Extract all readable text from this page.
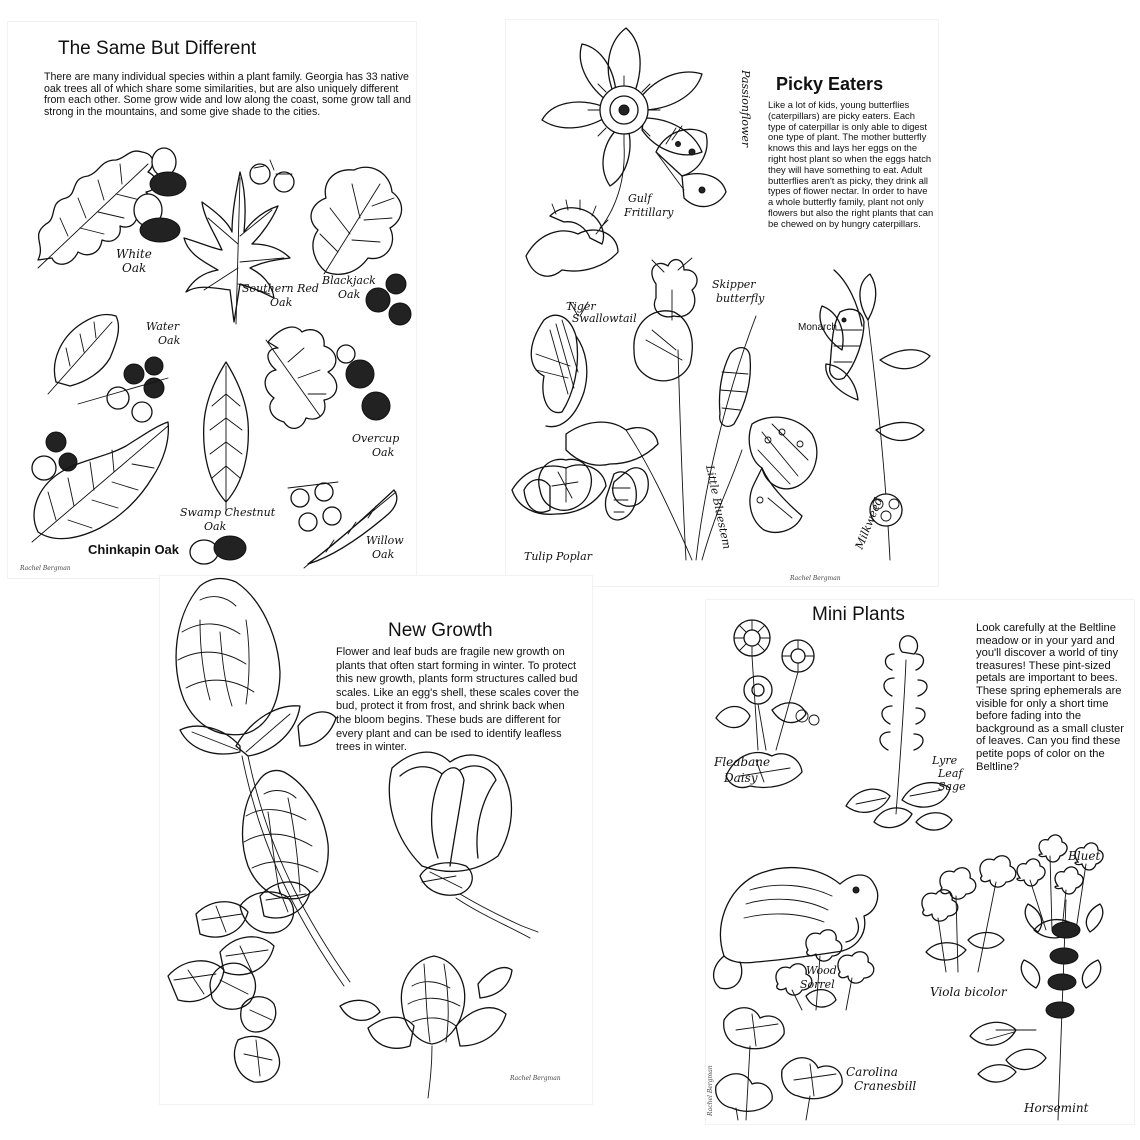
The Same But Different
There are many individual species within a plant family. Georgia has 33 native oak trees all of which share some similarities, but are also uniquely different from each other. Some grow wide and low along the coast, some grow tall and strong in the mountains, and some give shade to the cities.
White
Oak
Southern Red
Oak
Blackjack
Oak
Water
Oak
Overcup
Oak
Swamp Chestnut
Oak
Willow
Oak
Chinkapin Oak
Rachel Bergman
Picky Eaters
Like a lot of kids, young butterflies (caterpillars) are picky eaters. Each type of caterpillar is only able to digest one type of plant. The mother butterfly knows this and lays her eggs on the right host plant so when the eggs hatch they will have something to eat. Adult butterflies aren't as picky, they drink all types of flower nectar. In order to have a whole butterfly family, plant not only flowers but also the right plants that can be chewed on by hungry caterpillars.
Passionflower
Gulf
Fritillary
Tiger
Swallowtail
Skipper
butterfly
Monarch
Little Bluestem
Tulip Poplar
Milkweed
Rachel Bergman
New Growth
Flower and leaf buds are fragile new growth on plants that often start forming in winter. To protect this new growth, plants form structures called bud scales. Like an egg's shell, these scales cover the bud, protect it from frost, and shrink back when the bloom begins. These buds are different for every plant and can be ısed to identify leafless trees in winter.
Rachel Bergman
Mini Plants
Look carefully at the Beltline meadow or in your yard and you'll discover a world of tiny treasures! These pint-sized petals are important to bees. These spring ephemerals are visible for only a short time before fading into the background as a small cluster of leaves. Can you find these petite pops of color on the Beltline?
Fleabane
Daisy
Lyre
Leaf
Sage
Bluet
Wood
Sorrel
Viola bicolor
Carolina
Cranesbill
Horsemint
Rachel Bergman
